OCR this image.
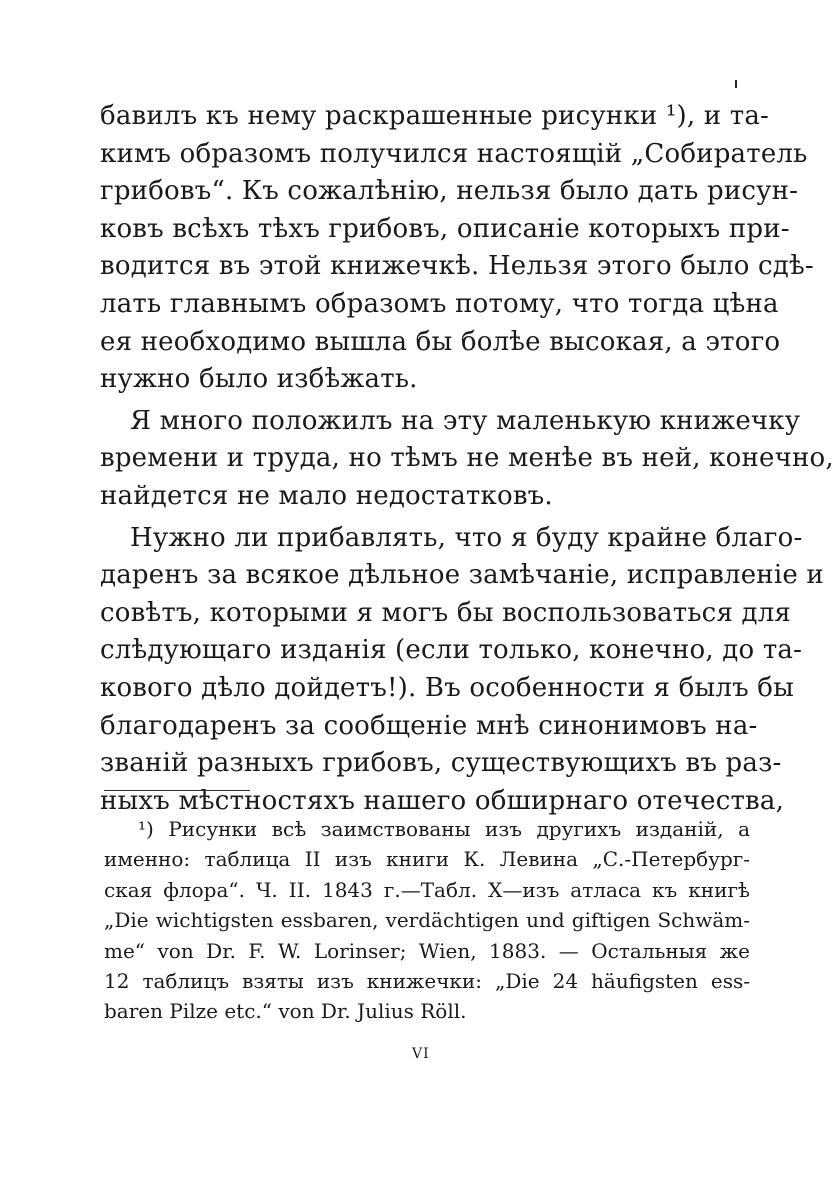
бавилъ къ нему раскрашенные рисунки ¹), и та-
кимъ образомъ получился настоящій „Собиратель
грибовъ“. Къ сожалѣнію, нельзя было дать рисун-
ковъ всѣхъ тѣхъ грибовъ, описаніе которыхъ при-
водится въ этой книжечкѣ. Нельзя этого было сдѣ-
лать главнымъ образомъ потому, что тогда цѣна
ея необходимо вышла бы болѣе высокая, а этого
нужно было избѣжать.
Я много положилъ на эту маленькую книжечку
времени и труда, но тѣмъ не менѣе въ ней, конечно,
найдется не мало недостатковъ.
Нужно ли прибавлять, что я буду крайне благо-
даренъ за всякое дѣльное замѣчаніе, исправленіе и
совѣтъ, которыми я могъ бы воспользоваться для
слѣдующаго изданія (если только, конечно, до та-
кового дѣло дойдетъ!). Въ особенности я былъ бы
благодаренъ за сообщеніе мнѣ синонимовъ на-
званій разныхъ грибовъ, существующихъ въ раз-
ныхъ мѣстностяхъ нашего обширнаго отечества,
¹) Рисунки всѣ заимствованы изъ другихъ изданій, а
именно: таблица II изъ книги К. Левина „С.-Петербург-
ская флора“. Ч. II. 1843 г.—Табл. X—изъ атласа къ книгѣ
„Die wichtigsten essbaren, verdächtigen und giftigen Schwäm-
me“ von Dr. F. W. Lorinser; Wien, 1883. — Остальныя же
12 таблицъ взяты изъ книжечки: „Die 24 häufigsten ess-
baren Pilze etc.“ von Dr. Julius Röll.
VI
